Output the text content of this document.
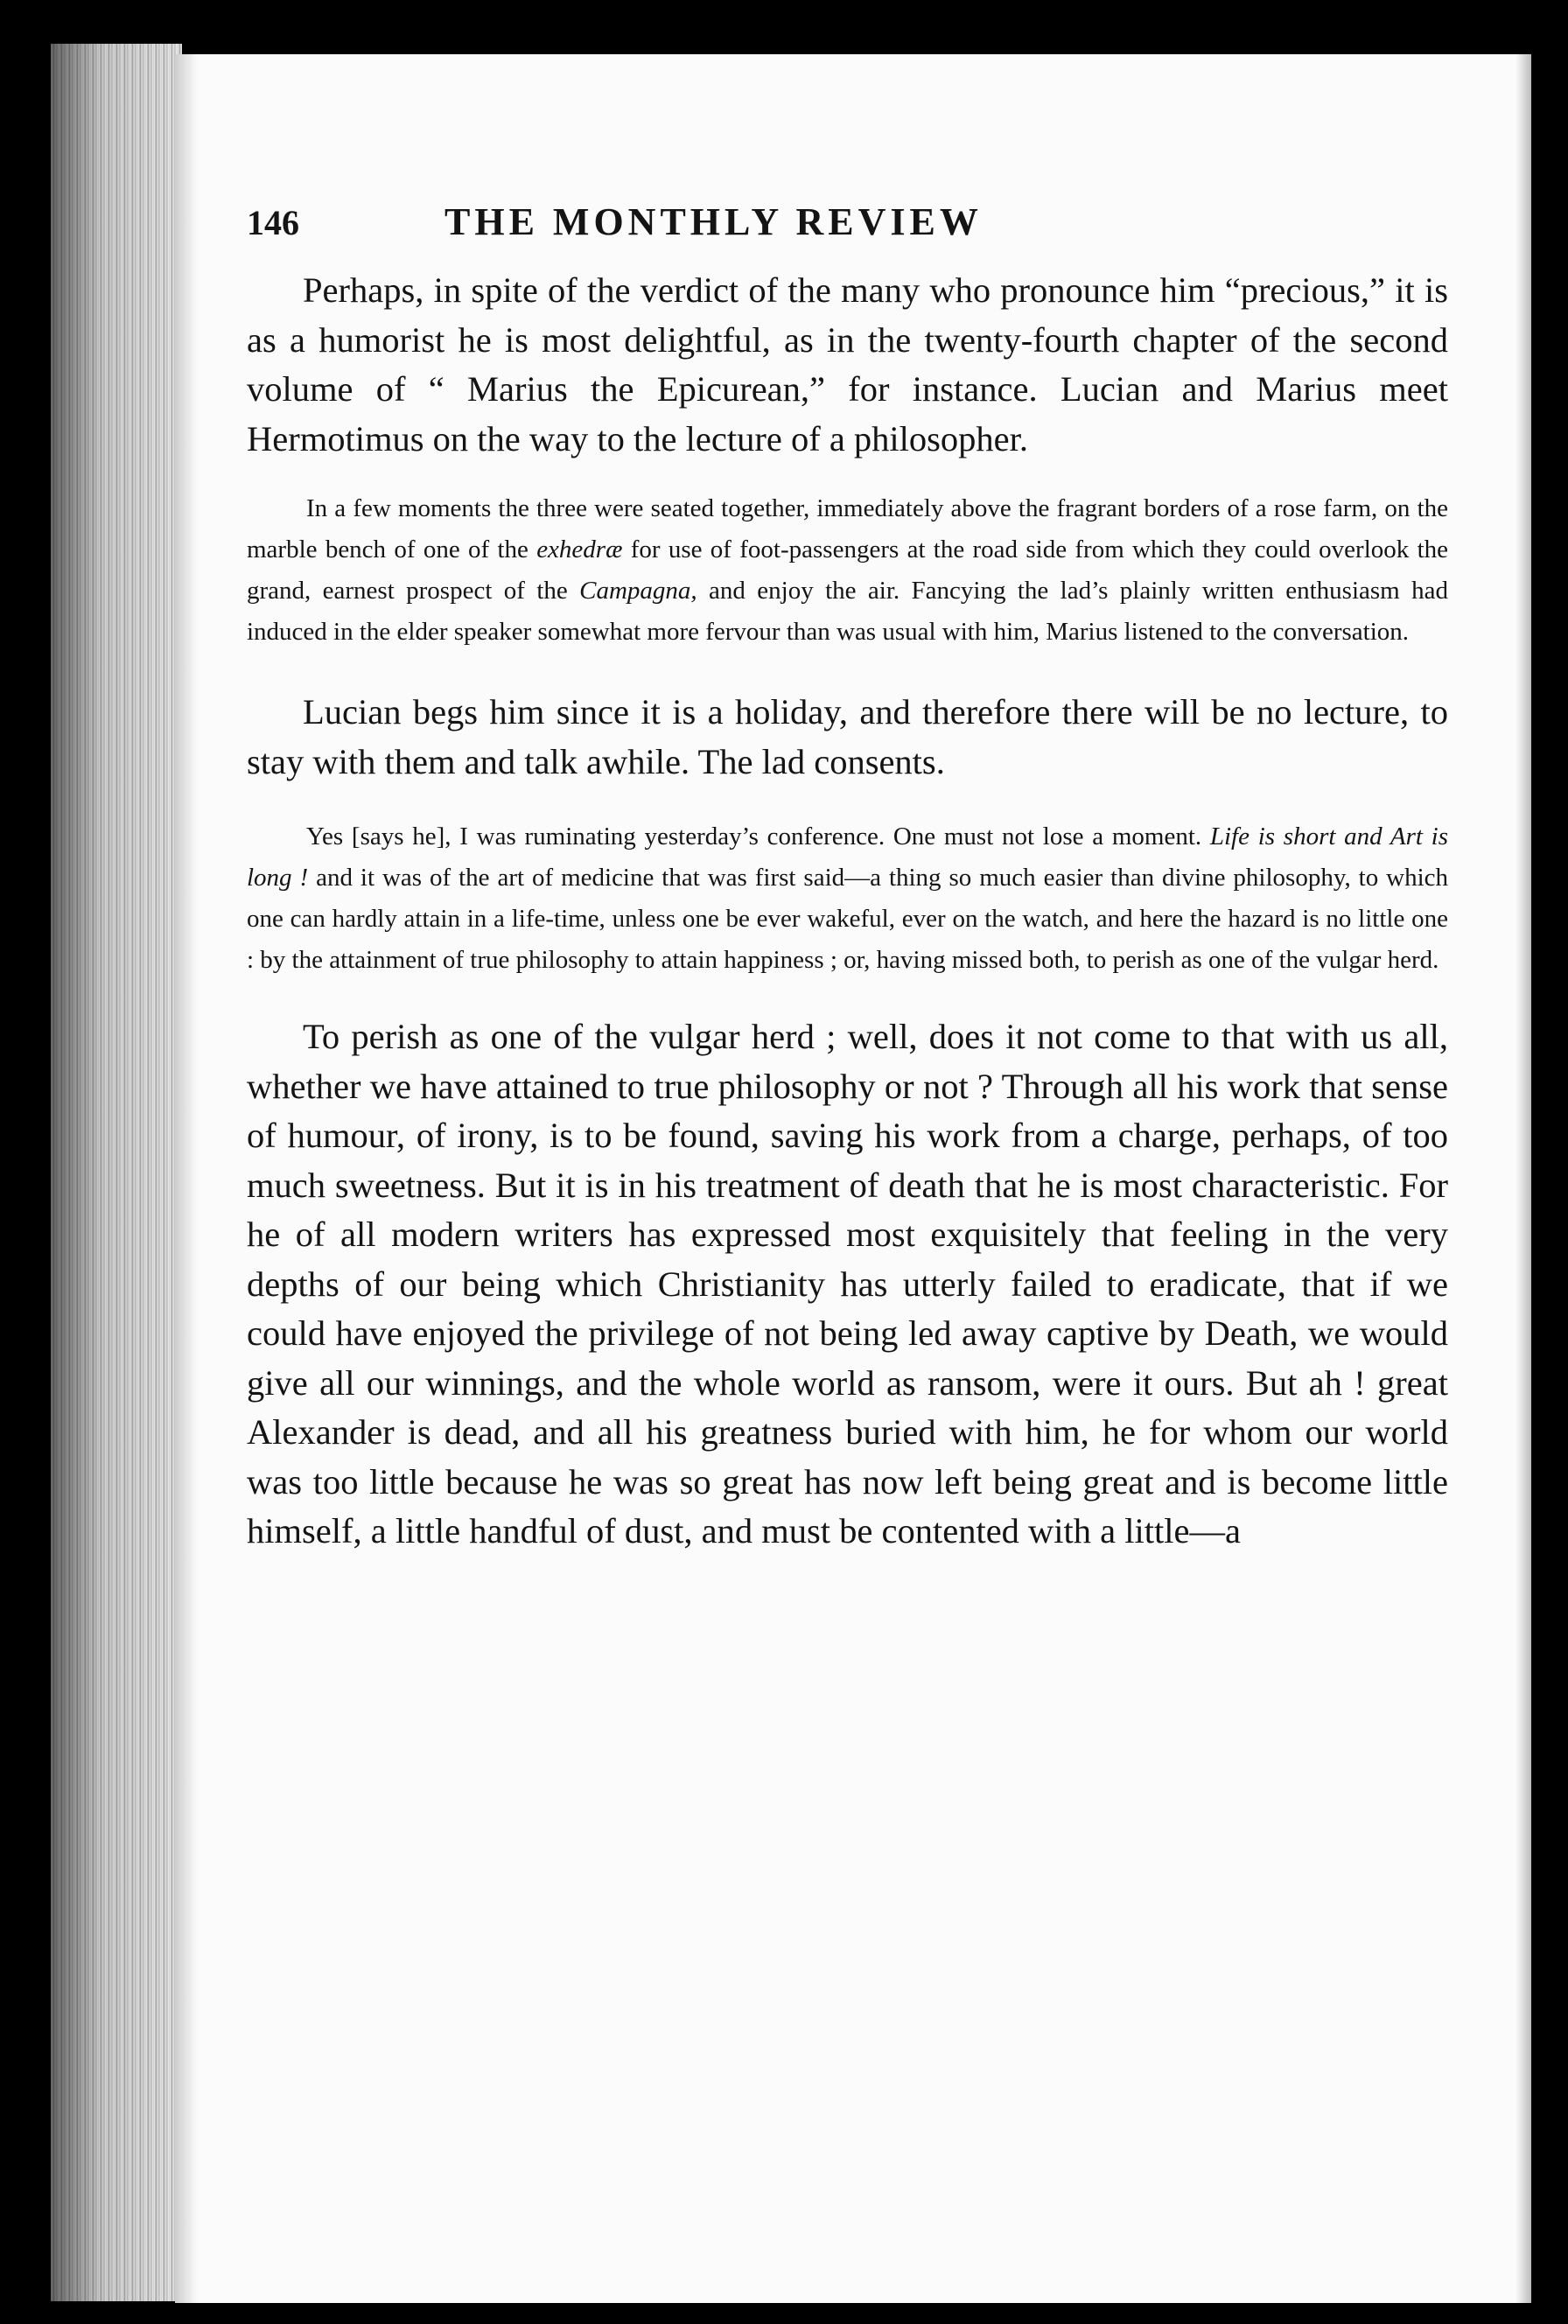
146	THE MONTHLY REVIEW

Perhaps, in spite of the verdict of the many who pronounce him “precious,” it is as a humorist he is most delightful, as in the twenty-fourth chapter of the second volume of “ Marius the Epicurean,” for instance. Lucian and Marius meet Hermotimus on the way to the lecture of a philosopher.

In a few moments the three were seated together, immediately above the fragrant borders of a rose farm, on the marble bench of one of the exhedræ for use of foot-passengers at the road side from which they could overlook the grand, earnest prospect of the Campagna, and enjoy the air. Fancying the lad’s plainly written enthusiasm had induced in the elder speaker somewhat more fervour than was usual with him, Marius listened to the conversation.

Lucian begs him since it is a holiday, and therefore there will be no lecture, to stay with them and talk awhile. The lad consents.

Yes [says he], I was ruminating yesterday’s conference. One must not lose a moment. Life is short and Art is long ! and it was of the art of medicine that was first said—a thing so much easier than divine philosophy, to which one can hardly attain in a life-time, unless one be ever wakeful, ever on the watch, and here the hazard is no little one : by the attainment of true philosophy to attain happiness ; or, having missed both, to perish as one of the vulgar herd.

To perish as one of the vulgar herd ; well, does it not come to that with us all, whether we have attained to true philosophy or not ? Through all his work that sense of humour, of irony, is to be found, saving his work from a charge, perhaps, of too much sweetness. But it is in his treatment of death that he is most characteristic. For he of all modern writers has expressed most exquisitely that feeling in the very depths of our being which Christianity has utterly failed to eradicate, that if we could have enjoyed the privilege of not being led away captive by Death, we would give all our winnings, and the whole world as ransom, were it ours. But ah ! great Alexander is dead, and all his greatness buried with him, he for whom our world was too little because he was so great has now left being great and is become little himself, a little handful of dust, and must be contented with a little—a
